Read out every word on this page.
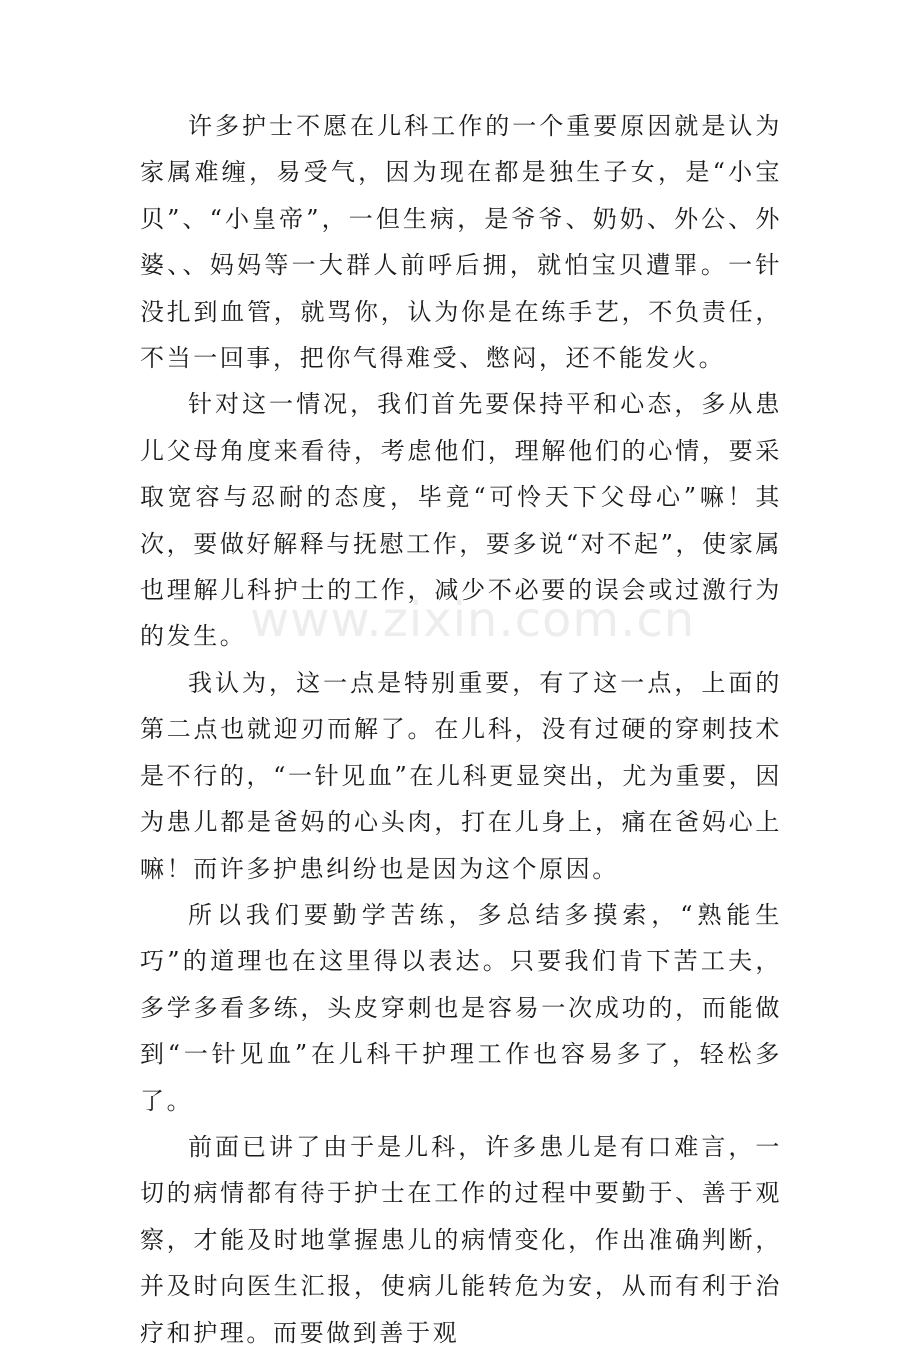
许多护士不愿在儿科工作的一个重要原因就是认为家属难缠，易受气，因为现在都是独生子女，是“小宝贝”、“小皇帝”，一但生病，是爷爷、奶奶、外公、外婆、、妈妈等一大群人前呼后拥，就怕宝贝遭罪。一针没扎到血管，就骂你，认为你是在练手艺，不负责任，不当一回事，把你气得难受、憋闷，还不能发火。

针对这一情况，我们首先要保持平和心态，多从患儿父母角度来看待，考虑他们，理解他们的心情，要采取宽容与忍耐的态度，毕竟“可怜天下父母心”嘛！其次，要做好解释与抚慰工作，要多说“对不起”，使家属也理解儿科护士的工作，减少不必要的误会或过激行为的发生。

我认为，这一点是特别重要，有了这一点，上面的第二点也就迎刃而解了。在儿科，没有过硬的穿刺技术是不行的，“一针见血”在儿科更显突出，尤为重要，因为患儿都是爸妈的心头肉，打在儿身上，痛在爸妈心上嘛！而许多护患纠纷也是因为这个原因。

所以我们要勤学苦练，多总结多摸索，“熟能生巧”的道理也在这里得以表达。只要我们肯下苦工夫，多学多看多练，头皮穿刺也是容易一次成功的，而能做到“一针见血”在儿科干护理工作也容易多了，轻松多了。

前面已讲了由于是儿科，许多患儿是有口难言，一切的病情都有待于护士在工作的过程中要勤于、善于观察，才能及时地掌握患儿的病情变化，作出准确判断，并及时向医生汇报，使病儿能转危为安，从而有利于治疗和护理。而要做到善于观

www.zixin.com.cn
